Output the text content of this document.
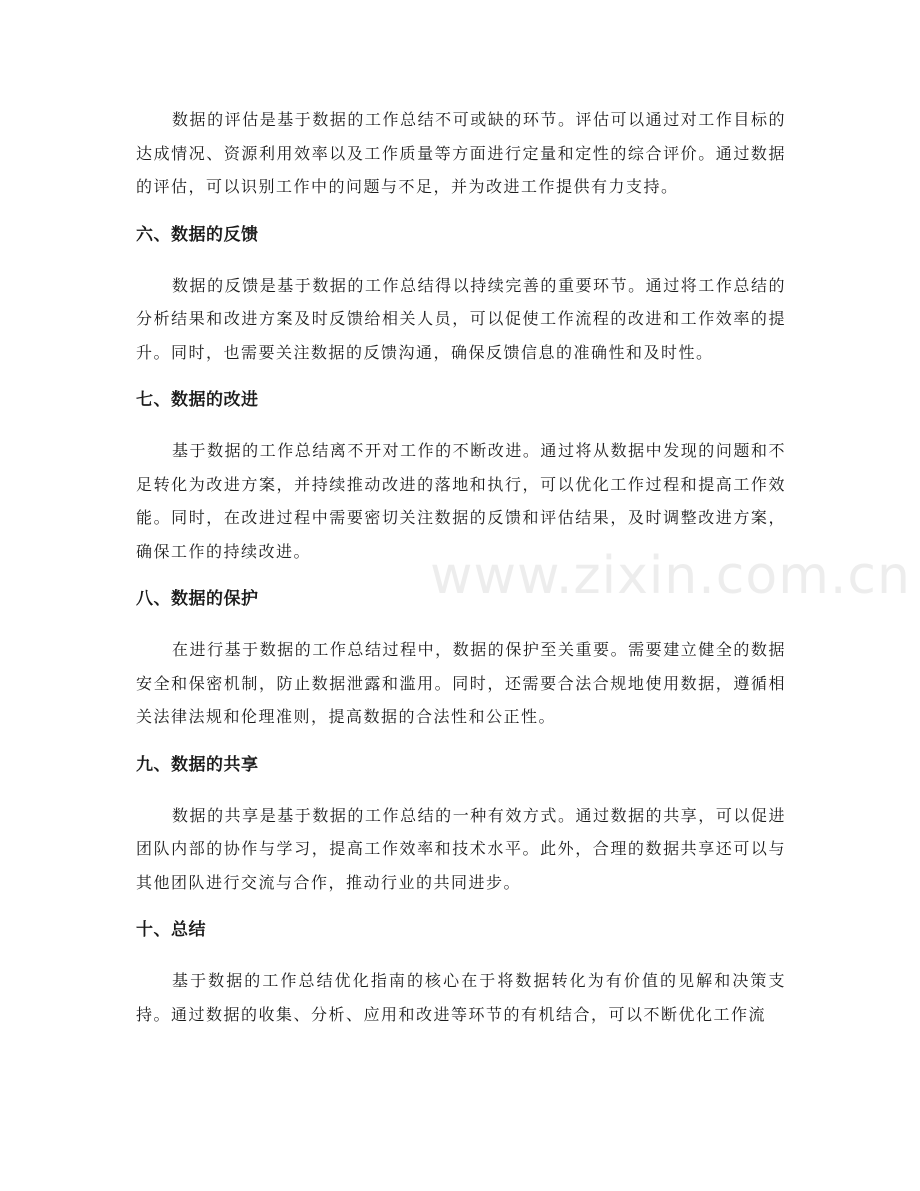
数据的评估是基于数据的工作总结不可或缺的环节。评估可以通过对工作目标的达成情况、资源利用效率以及工作质量等方面进行定量和定性的综合评价。通过数据的评估，可以识别工作中的问题与不足，并为改进工作提供有力支持。

六、数据的反馈

数据的反馈是基于数据的工作总结得以持续完善的重要环节。通过将工作总结的分析结果和改进方案及时反馈给相关人员，可以促使工作流程的改进和工作效率的提升。同时，也需要关注数据的反馈沟通，确保反馈信息的准确性和及时性。

七、数据的改进

基于数据的工作总结离不开对工作的不断改进。通过将从数据中发现的问题和不足转化为改进方案，并持续推动改进的落地和执行，可以优化工作过程和提高工作效能。同时，在改进过程中需要密切关注数据的反馈和评估结果，及时调整改进方案，确保工作的持续改进。

八、数据的保护

在进行基于数据的工作总结过程中，数据的保护至关重要。需要建立健全的数据安全和保密机制，防止数据泄露和滥用。同时，还需要合法合规地使用数据，遵循相关法律法规和伦理准则，提高数据的合法性和公正性。

九、数据的共享

数据的共享是基于数据的工作总结的一种有效方式。通过数据的共享，可以促进团队内部的协作与学习，提高工作效率和技术水平。此外，合理的数据共享还可以与其他团队进行交流与合作，推动行业的共同进步。

十、总结

基于数据的工作总结优化指南的核心在于将数据转化为有价值的见解和决策支持。通过数据的收集、分析、应用和改进等环节的有机结合，可以不断优化工作流

www.zixin.com.cn
